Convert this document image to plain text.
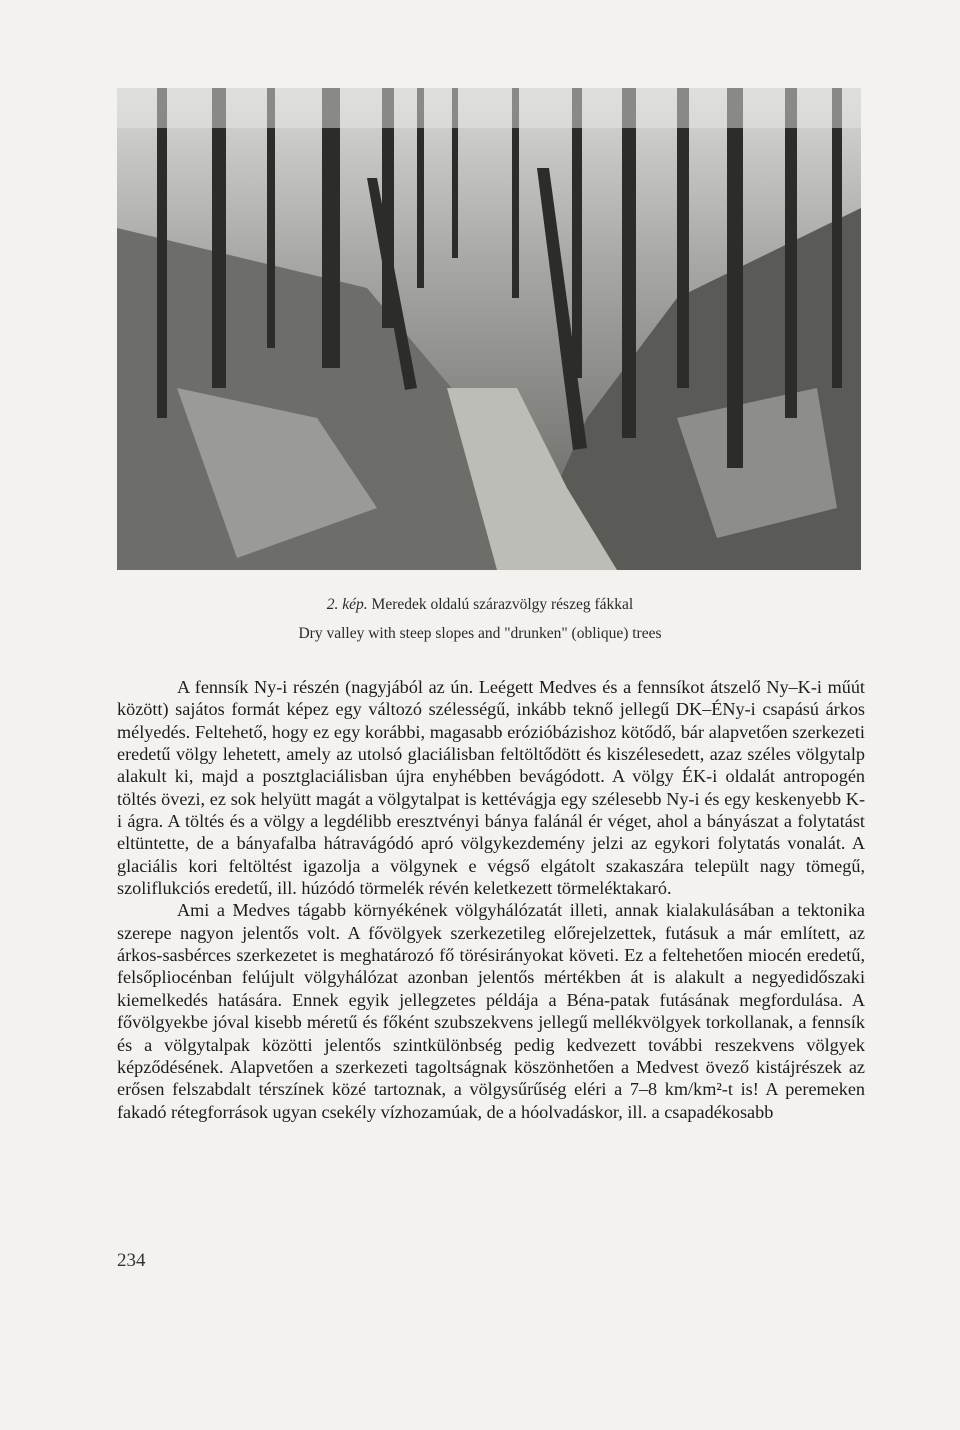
2. kép. Meredek oldalú szárazvölgy részeg fákkal
Dry valley with steep slopes and "drunken" (oblique) trees

A fennsík Ny-i részén (nagyjából az ún. Leégett Medves és a fennsíkot átszelő Ny–K-i műút között) sajátos formát képez egy változó szélességű, inkább teknő jellegű DK–ÉNy-i csapású árkos mélyedés. Feltehető, hogy ez egy korábbi, magasabb erózióbázishoz kötődő, bár alapvetően szerkezeti eredetű völgy lehetett, amely az utolsó glaciálisban feltöltődött és kiszélesedett, azaz széles völgytalp alakult ki, majd a posztglaciálisban újra enyhébben bevágódott. A völgy ÉK-i oldalát antropogén töltés övezi, ez sok helyütt magát a völgytalpat is kettévágja egy szélesebb Ny-i és egy keskenyebb K-i ágra. A töltés és a völgy a legdélibb eresztvényi bánya falánál ér véget, ahol a bányászat a folytatást eltüntette, de a bányafalba hátravágódó apró völgykezdemény jelzi az egykori folytatás vonalát. A glaciális kori feltöltést igazolja a völgynek e végső elgátolt szakaszára települt nagy tömegű, szoliflukciós eredetű, ill. húzódó törmelék révén keletkezett törmeléktakaró.

Ami a Medves tágabb környékének völgyhálózatát illeti, annak kialakulásában a tektonika szerepe nagyon jelentős volt. A fővölgyek szerkezetileg előrejelzettek, futásuk a már említett, az árkos-sasbérces szerkezetet is meghatározó fő törésirányokat követi. Ez a feltehetően miocén eredetű, felsőpliocénban felújult völgyhálózat azonban jelentős mértékben át is alakult a negyedidőszaki kiemelkedés hatására. Ennek egyik jellegzetes példája a Béna-patak futásának megfordulása. A fővölgyekbe jóval kisebb méretű és főként szubszekvens jellegű mellékvölgyek torkollanak, a fennsík és a völgytalpak közötti jelentős szintkülönbség pedig kedvezett további reszekvens völgyek képződésének. Alapvetően a szerkezeti tagoltságnak köszönhetően a Medvest övező kistájrészek az erősen felszabdalt térszínek közé tartoznak, a völgysűrűség eléri a 7–8 km/km²-t is! A peremeken fakadó rétegforrások ugyan csekély vízhozamúak, de a hóolvadáskor, ill. a csapadékosabb

234
